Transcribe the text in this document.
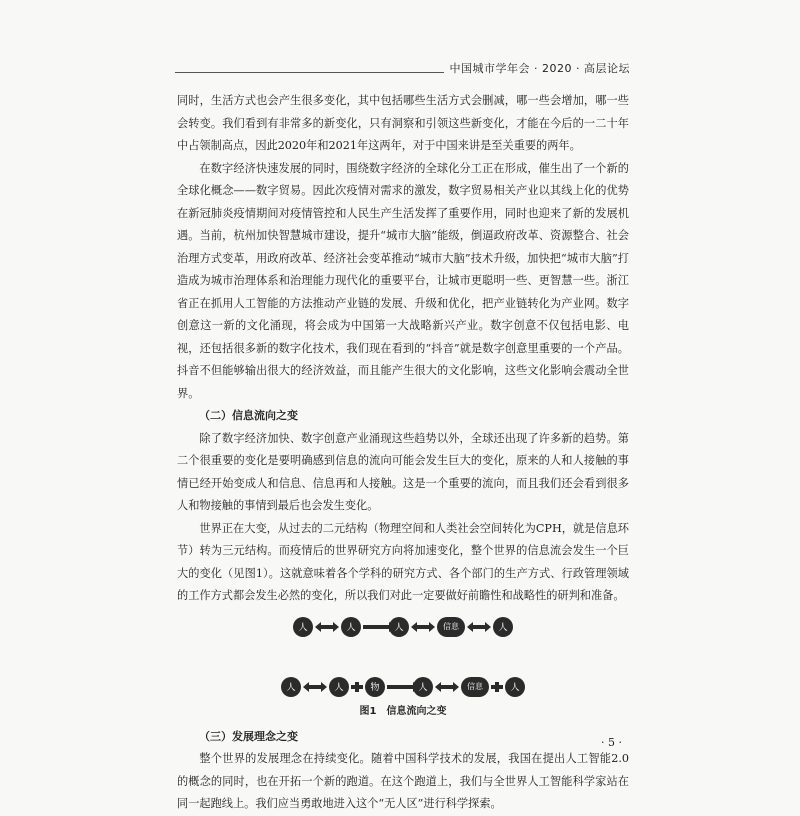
中国城市学年会 · 2020 · 高层论坛

同时，生活方式也会产生很多变化，其中包括哪些生活方式会删减，哪一些会增加，哪一些会转变。我们看到有非常多的新变化，只有洞察和引领这些新变化，才能在今后的一二十年中占领制高点，因此2020年和2021年这两年，对于中国来讲是至关重要的两年。

在数字经济快速发展的同时，围绕数字经济的全球化分工正在形成，催生出了一个新的全球化概念——数字贸易。因此次疫情对需求的激发，数字贸易相关产业以其线上化的优势在新冠肺炎疫情期间对疫情管控和人民生产生活发挥了重要作用，同时也迎来了新的发展机遇。当前，杭州加快智慧城市建设，提升“城市大脑”能级，倒逼政府改革、资源整合、社会治理方式变革，用政府改革、经济社会变革推动“城市大脑”技术升级，加快把“城市大脑”打造成为城市治理体系和治理能力现代化的重要平台，让城市更聪明一些、更智慧一些。浙江省正在抓用人工智能的方法推动产业链的发展、升级和优化，把产业链转化为产业网。数字创意这一新的文化涌现，将会成为中国第一大战略新兴产业。数字创意不仅包括电影、电视，还包括很多新的数字化技术，我们现在看到的“抖音”就是数字创意里重要的一个产品。抖音不但能够输出很大的经济效益，而且能产生很大的文化影响，这些文化影响会震动全世界。

（二）信息流向之变

除了数字经济加快、数字创意产业涌现这些趋势以外，全球还出现了许多新的趋势。第二个很重要的变化是要明确感到信息的流向可能会发生巨大的变化，原来的人和人接触的事情已经开始变成人和信息、信息再和人接触。这是一个重要的流向，而且我们还会看到很多人和物接触的事情到最后也会发生变化。

世界正在大变，从过去的二元结构（物理空间和人类社会空间转化为CPH，就是信息环节）转为三元结构。而疫情后的世界研究方向将加速变化，整个世界的信息流会发生一个巨大的变化（见图1）。这就意味着各个学科的研究方式、各个部门的生产方式、行政管理领域的工作方式都会发生必然的变化，所以我们对此一定要做好前瞻性和战略性的研判和准备。

人	人	人	信息	人
人	人	物	人	信息	人
图1　信息流向之变
（三）发展理念之变

整个世界的发展理念在持续变化。随着中国科学技术的发展，我国在提出人工智能2.0的概念的同时，也在开拓一个新的跑道。在这个跑道上，我们与全世界人工智能科学家站在同一起跑线上。我们应当勇敢地进入这个“无人区”进行科学探索。

· 5 ·
